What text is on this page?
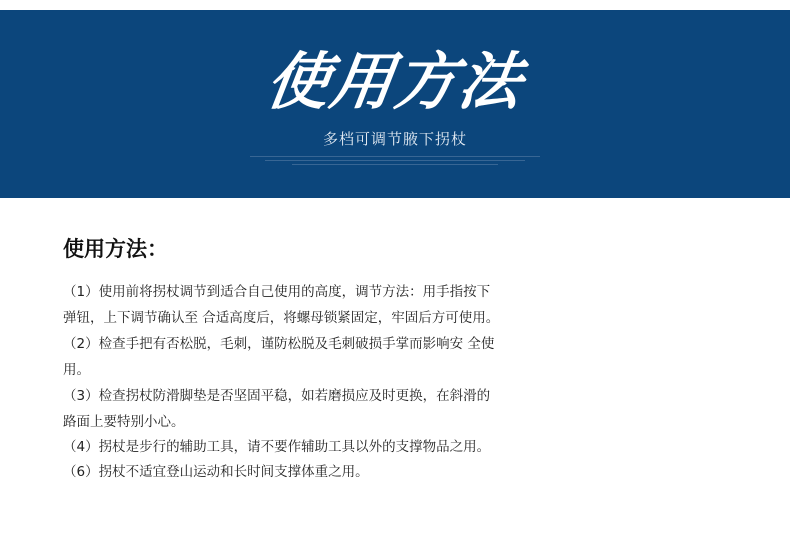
使用方法
多档可调节腋下拐杖
使用方法：
（1）使用前将拐杖调节到适合自己使用的高度，调节方法：用手指按下
弹钮，上下调节确认至 合适高度后，将螺母锁紧固定，牢固后方可使用。
（2）检查手把有否松脱，毛刺，谨防松脱及毛刺破损手掌而影响安 全使
用。
（3）检查拐杖防滑脚垫是否坚固平稳，如若磨损应及时更换，在斜滑的
路面上要特别小心。
（4）拐杖是步行的辅助工具，请不要作辅助工具以外的支撑物品之用。
（6）拐杖不适宜登山运动和长时间支撑体重之用。
